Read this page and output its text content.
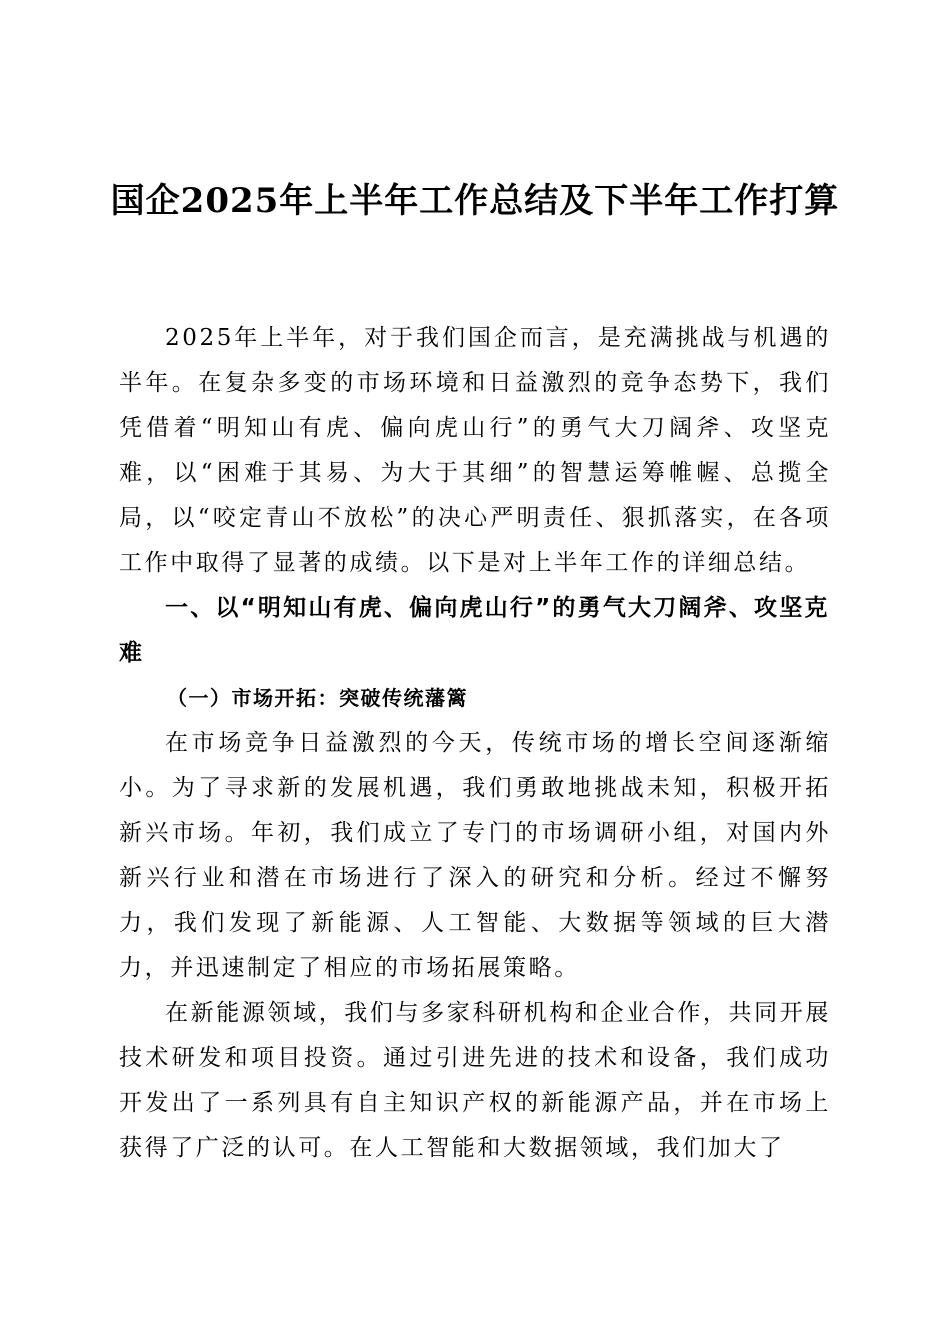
国企2025年上半年工作总结及下半年工作打算

2025年上半年，对于我们国企而言，是充满挑战与机遇的半年。在复杂多变的市场环境和日益激烈的竞争态势下，我们凭借着“明知山有虎、偏向虎山行”的勇气大刀阔斧、攻坚克难，以“困难于其易、为大于其细”的智慧运筹帷幄、总揽全局，以“咬定青山不放松”的决心严明责任、狠抓落实，在各项工作中取得了显著的成绩。以下是对上半年工作的详细总结。

一、以“明知山有虎、偏向虎山行”的勇气大刀阔斧、攻坚克难

（一）市场开拓：突破传统藩篱

在市场竞争日益激烈的今天，传统市场的增长空间逐渐缩小。为了寻求新的发展机遇，我们勇敢地挑战未知，积极开拓新兴市场。年初，我们成立了专门的市场调研小组，对国内外新兴行业和潜在市场进行了深入的研究和分析。经过不懈努力，我们发现了新能源、人工智能、大数据等领域的巨大潜力，并迅速制定了相应的市场拓展策略。

在新能源领域，我们与多家科研机构和企业合作，共同开展技术研发和项目投资。通过引进先进的技术和设备，我们成功开发出了一系列具有自主知识产权的新能源产品，并在市场上获得了广泛的认可。在人工智能和大数据领域，我们加大了
